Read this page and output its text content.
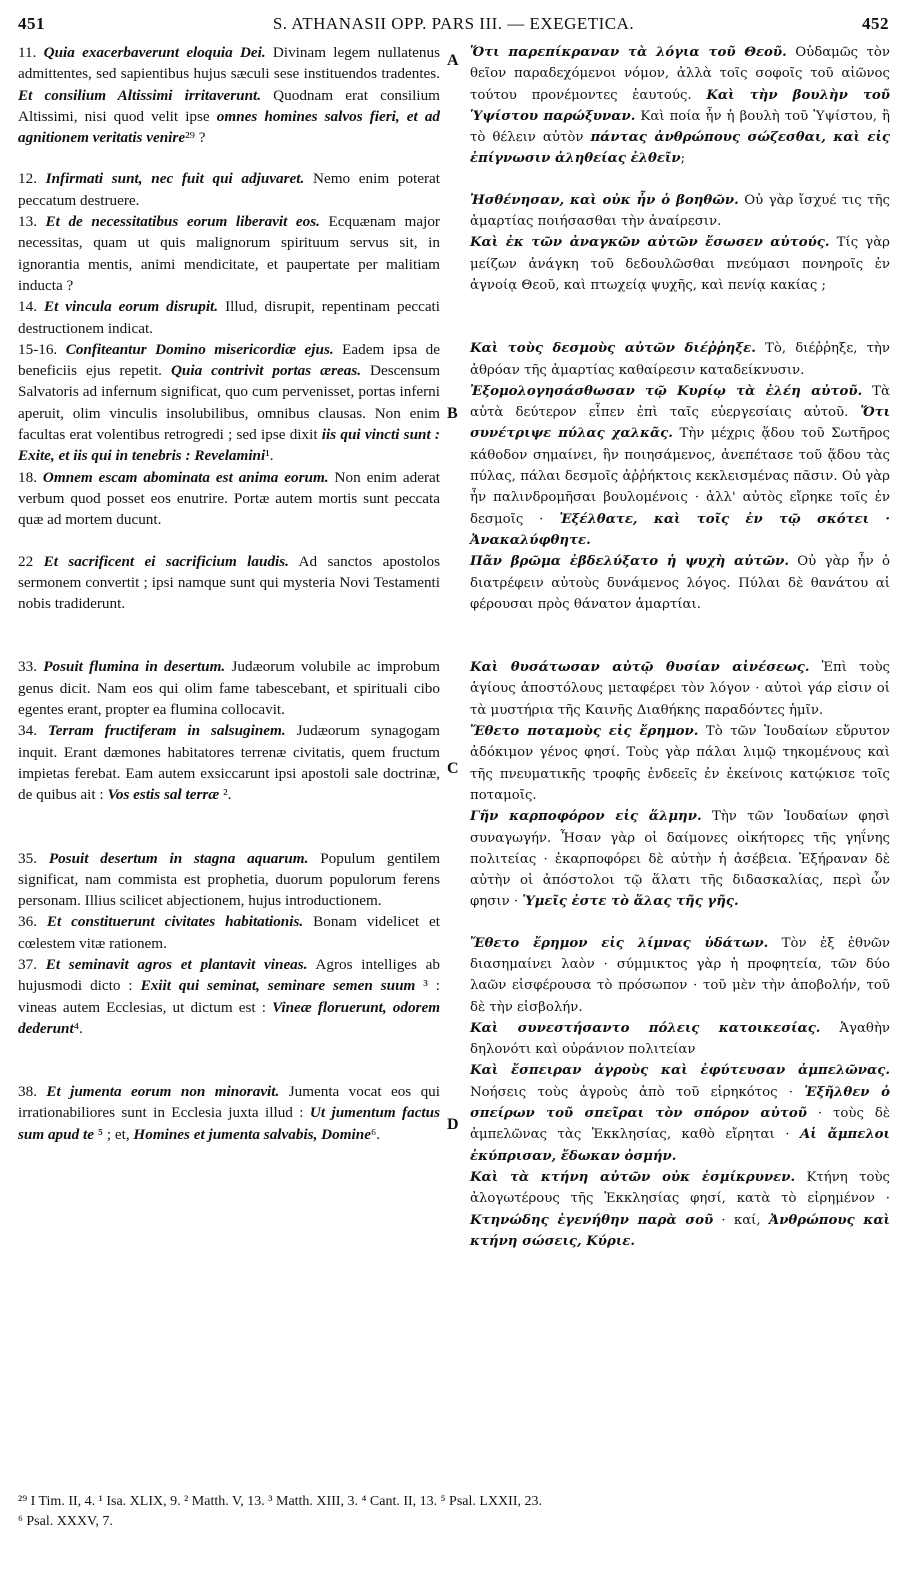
451	S. ATHANASII OPP. PARS III. — EXEGETICA.	452

11. Quia exacerbaverunt eloquia Dei. Divinam legem nullatenus admittentes, sed sapientibus hujus sæculi sese instituendos tradentes. Et consilium Altissimi irritaverunt. Quodnam erat consilium Altissimi, nisi quod velit ipse omnes homines salvos fieri, et ad agnitionem veritatis venire²⁹ ?

12. Infirmati sunt, nec fuit qui adjuvaret. Nemo enim poterat peccatum destruere.

13. Et de necessitatibus eorum liberavit eos. Ecquænam major necessitas, quam ut quis malignorum spirituum servus sit, in ignorantia mentis, animi mendicitate, et paupertate per malitiam inducta ?

14. Et vincula eorum disrupit. Illud, disrupit, repentinam peccati destructionem indicat.

15-16. Confiteantur Domino misericordiæ ejus. Eadem ipsa de beneficiis ejus repetit. Quia contrivit portas æreas. Descensum Salvatoris ad infernum significat, quo cum pervenisset, portas inferni aperuit, olim vinculis insolubilibus, omnibus clausas. Non enim facultas erat volentibus retrogredi ; sed ipse dixit iis qui vincti sunt : Exite, et iis qui in tenebris : Revelamini¹.

18. Omnem escam abominata est anima eorum. Non enim aderat verbum quod posset eos enutrire. Portæ autem mortis sunt peccata quæ ad mortem ducunt.

22 Et sacrificent ei sacrificium laudis. Ad sanctos apostolos sermonem convertit ; ipsi namque sunt qui mysteria Novi Testamenti nobis tradiderunt.

33. Posuit flumina in desertum. Judæorum volubile ac improbum genus dicit. Nam eos qui olim fame tabescebant, et spirituali cibo egentes erant, propter ea flumina collocavit.

34. Terram fructiferam in salsuginem. Judæorum synagogam inquit. Erant dæmones habitatores terrenæ civitatis, quem fructum impietas ferebat. Eam autem exsiccarunt ipsi apostoli sale doctrinæ, de quibus ait : Vos estis sal terræ ².

35. Posuit desertum in stagna aquarum. Populum gentilem significat, nam commista est prophetia, duorum populorum ferens personam. Illius scilicet abjectionem, hujus introductionem.

36. Et constituerunt civitates habitationis. Bonam videlicet et cœlestem vitæ rationem.

37. Et seminavit agros et plantavit vineas. Agros intelliges ab hujusmodi dicto : Exiit qui seminat, seminare semen suum ³ : vineas autem Ecclesias, ut dictum est : Vineæ floruerunt, odorem dederunt⁴.

38. Et jumenta eorum non minoravit. Jumenta vocat eos qui irrationabiliores sunt in Ecclesia juxta illud : Ut jumentum factus sum apud te ⁵ ; et, Homines et jumenta salvabis, Domine⁶.

Ὅτι παρεπίκραναν τὰ λόγια τοῦ Θεοῦ. Οὐδαμῶς τὸν θεῖον παραδεχόμενοι νόμον, ἀλλὰ τοῖς σοφοῖς τοῦ αἰῶνος τούτου προνέμοντες ἑαυτούς. Καὶ τὴν βουλὴν τοῦ Ὑψίστου παρώξυναν. Καὶ ποία ἦν ἡ βουλὴ τοῦ Ὑψίστου, ἢ τὸ θέλειν αὐτὸν πάντας ἀνθρώπους σώζεσθαι, καὶ εἰς ἐπίγνωσιν ἀληθείας ἐλθεῖν;

Ἠσθένησαν, καὶ οὐκ ἦν ὁ βοηθῶν. Οὐ γὰρ ἴσχυέ τις τῆς ἁμαρτίας ποιήσασθαι τὴν ἀναίρεσιν.

Καὶ ἐκ τῶν ἀναγκῶν αὐτῶν ἔσωσεν αὐτούς. Τίς γὰρ μείζων ἀνάγκη τοῦ δεδουλῶσθαι πνεύμασι πονηροῖς ἐν ἀγνοίᾳ Θεοῦ, καὶ πτωχείᾳ ψυχῆς, καὶ πενίᾳ κακίας ;

Καὶ τοὺς δεσμοὺς αὐτῶν διέῤῥηξε. Τὸ, διέῤῥηξε, τὴν ἀθρόαν τῆς ἁμαρτίας καθαίρεσιν καταδείκνυσιν.

Ἐξομολογησάσθωσαν τῷ Κυρίῳ τὰ ἐλέη αὐτοῦ. Τὰ αὐτὰ δεύτερον εἶπεν ἐπὶ ταῖς εὐεργεσίαις αὐτοῦ. Ὅτι συνέτριψε πύλας χαλκᾶς. Τὴν μέχρις ᾅδου τοῦ Σωτῆρος κάθοδον σημαίνει, ἣν ποιησάμενος, ἀνεπέτασε τοῦ ᾅδου τὰς πύλας, πάλαι δεσμοῖς ἀῤῥήκτοις κεκλεισμένας πᾶσιν. Οὐ γὰρ ἦν παλινδρομῆσαι βουλομένοις · ἀλλ' αὐτὸς εἴρηκε τοῖς ἐν δεσμοῖς · Ἐξέλθατε, καὶ τοῖς ἐν τῷ σκότει · Ἀνακαλύφθητε.

Πᾶν βρῶμα ἐβδελύξατο ἡ ψυχὴ αὐτῶν. Οὐ γὰρ ἦν ὁ διατρέφειν αὐτοὺς δυνάμενος λόγος. Πύλαι δὲ θανάτου αἱ φέρουσαι πρὸς θάνατον ἁμαρτίαι.

Καὶ θυσάτωσαν αὐτῷ θυσίαν αἰνέσεως. Ἐπὶ τοὺς ἁγίους ἀποστόλους μεταφέρει τὸν λόγον · αὐτοὶ γάρ εἰσιν οἱ τὰ μυστήρια τῆς Καινῆς Διαθήκης παραδόντες ἡμῖν.

Ἔθετο ποταμοὺς εἰς ἔρημον. Τὸ τῶν Ἰουδαίων εὔρυτον ἀδόκιμον γένος φησί. Τοὺς γὰρ πάλαι λιμῷ τηκομένους καὶ τῆς πνευματικῆς τροφῆς ἐνδεεῖς ἐν ἐκείνοις κατῴκισε τοῖς ποταμοῖς.

Γῆν καρποφόρον εἰς ἅλμην. Τὴν τῶν Ἰουδαίων φησὶ συναγωγήν. Ἦσαν γὰρ οἱ δαίμονες οἰκήτορες τῆς γηΐνης πολιτείας · ἐκαρποφόρει δὲ αὐτὴν ἡ ἀσέβεια. Ἐξήραναν δὲ αὐτὴν οἱ ἀπόστολοι τῷ ἅλατι τῆς διδασκαλίας, περὶ ὧν φησιν · Ὑμεῖς ἐστε τὸ ἅλας τῆς γῆς.

Ἔθετο ἔρημον εἰς λίμνας ὑδάτων. Τὸν ἐξ ἐθνῶν διασημαίνει λαὸν · σύμμικτος γὰρ ἡ προφητεία, τῶν δύο λαῶν εἰσφέρουσα τὸ πρόσωπον · τοῦ μὲν τὴν ἀποβολήν, τοῦ δὲ τὴν εἰσβολήν.

Καὶ συνεστήσαντο πόλεις κατοικεσίας. Ἀγαθὴν δηλονότι καὶ οὐράνιον πολιτείαν

Καὶ ἔσπειραν ἀγροὺς καὶ ἐφύτευσαν ἀμπελῶνας. Νοήσεις τοὺς ἀγροὺς ἀπὸ τοῦ εἰρηκότος · Ἐξῆλθεν ὁ σπείρων τοῦ σπεῖραι τὸν σπόρον αὐτοῦ · τοὺς δὲ ἀμπελῶνας τὰς Ἐκκλησίας, καθὸ εἴρηται · Αἱ ἄμπελοι ἐκύπρισαν, ἔδωκαν ὀσμήν.

Καὶ τὰ κτήνη αὐτῶν οὐκ ἐσμίκρυνεν. Κτήνη τοὺς ἀλογωτέρους τῆς Ἐκκλησίας φησί, κατὰ τὸ εἰρημένον · Κτηνώδης ἐγενήθην παρὰ σοῦ · καί, Ἀνθρώπους καὶ κτήνη σώσεις, Κύριε.

A
B
C
D
²⁹ I Tim. II, 4. ¹ Isa. XLIX, 9. ² Matth. V, 13. ³ Matth. XIII, 3. ⁴ Cant. II, 13. ⁵ Psal. LXXII, 23.
⁶ Psal. XXXV, 7.
